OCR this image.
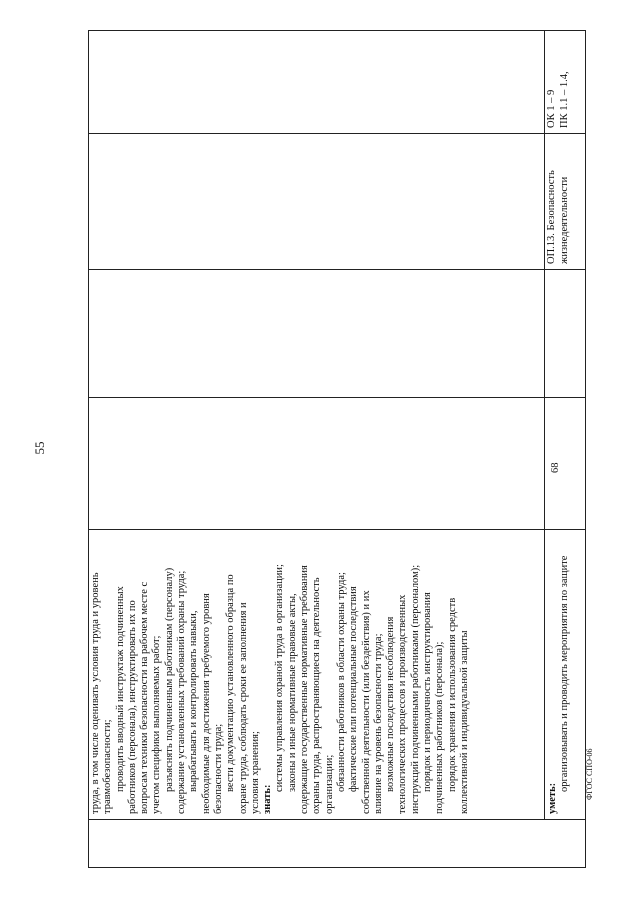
55
труда, в том числе оценивать условия труда и уровень травмобезопасности; проводить вводный инструктаж подчиненных работников (персонала), инструктировать их по вопросам техники безопасности на рабочем месте с учетом специфики выполняемых работ; разъяснять подчиненным работникам (персоналу) содержание установленных требований охраны труда; вырабатывать и контролировать навыки, необходимые для достижения требуемого уровня безопасности труда; вести документацию установленного образца по охране труда, соблюдать сроки ее заполнения и условия хранения; знать:
системы управления охраной труда в организации; законы и иные нормативные правовые акты, содержащие государственные нормативные требования охраны труда, распространяющиеся на деятельность организации; обязанности работников в области охраны труда; фактические или потенциальные последствия собственной деятельности (или бездействия) и их влияние на уровень безопасности труда; возможные последствия несоблюдения технологических процессов и производственных инструкций подчиненными работниками (персоналом); порядок и периодичность инструктирования подчиненных работников (персонала); порядок хранения и использования средств коллективной и индивидуальной защиты	уметь:
организовывать и проводить мероприятия по защите
68
ОП.13. Безопасность жизнедеятельности
ОК 1 – 9 ПК 1.1 – 1.4,
ФГОС СПО-06
